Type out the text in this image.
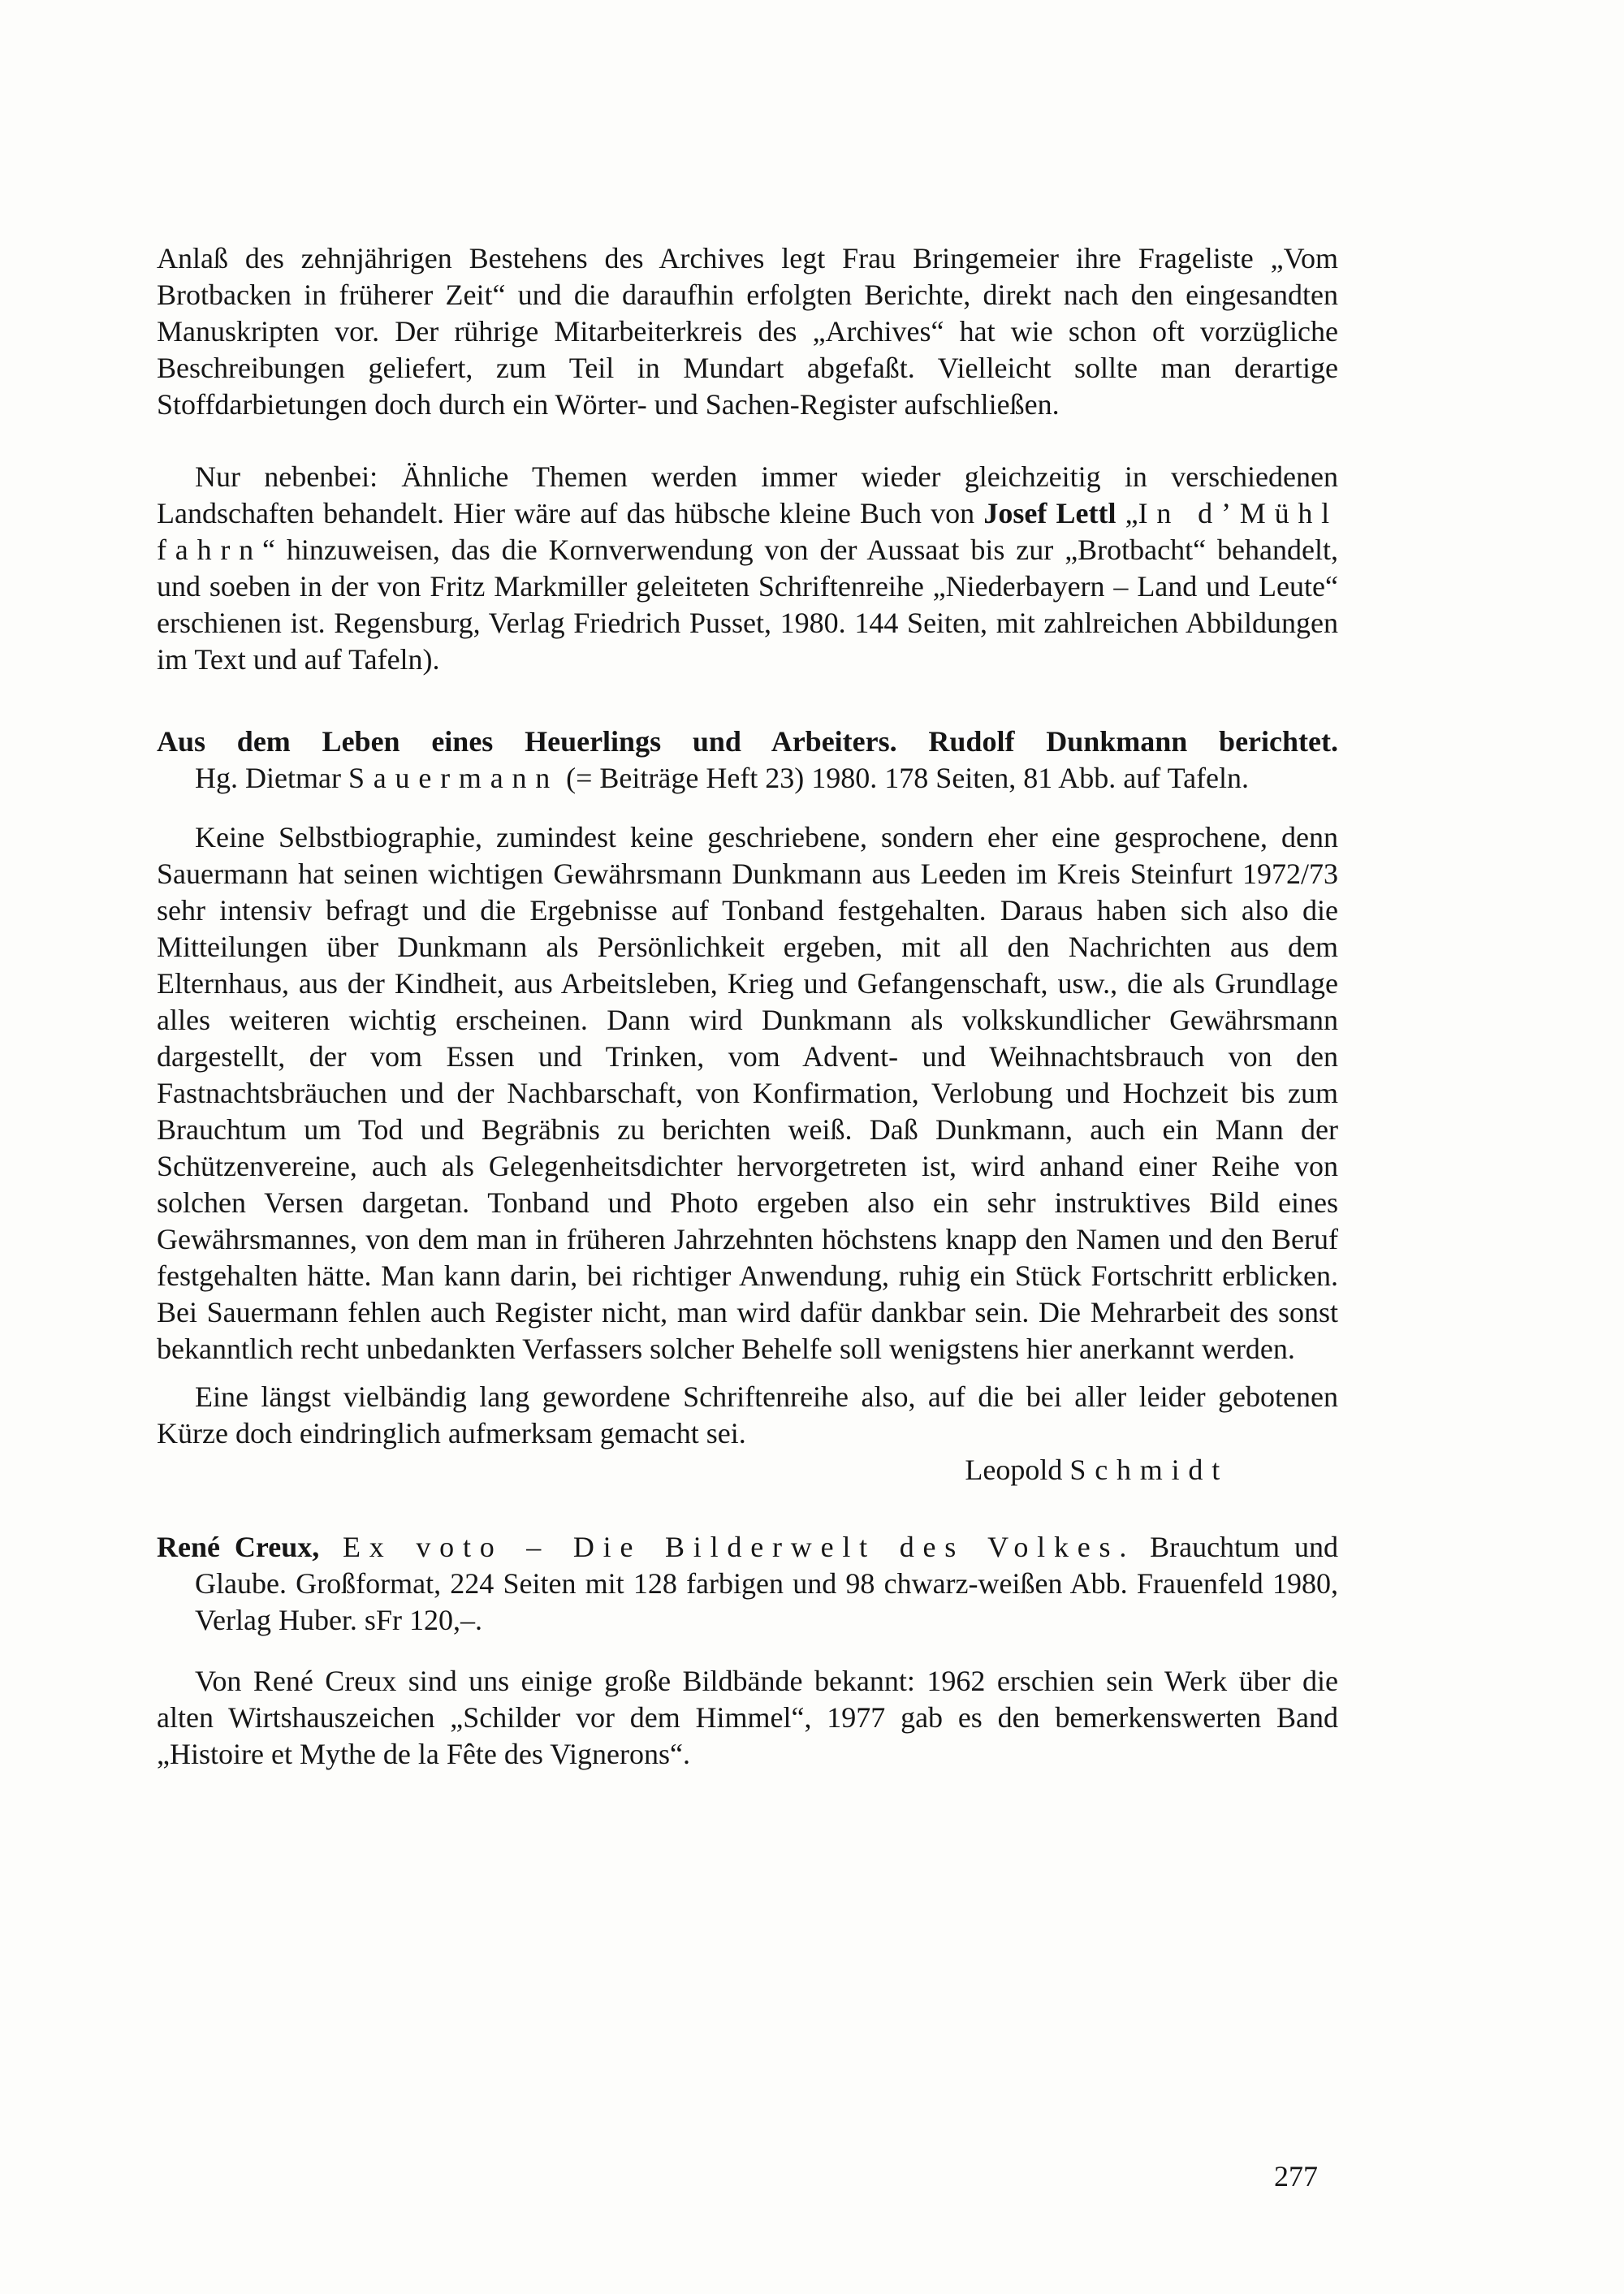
Anlaß des zehnjährigen Bestehens des Archives legt Frau Bringemeier ihre Frageliste „Vom Brotbacken in früherer Zeit“ und die daraufhin erfolgten Berichte, direkt nach den eingesandten Manuskripten vor. Der rührige Mitarbeiterkreis des „Archives“ hat wie schon oft vorzügliche Beschreibungen geliefert, zum Teil in Mundart abgefaßt. Vielleicht sollte man derartige Stoffdarbietungen doch durch ein Wörter- und Sachen-Register aufschließen.

Nur nebenbei: Ähnliche Themen werden immer wieder gleichzeitig in verschiedenen Landschaften behandelt. Hier wäre auf das hübsche kleine Buch von Josef Lettl „In d’Mühl fahrn“ hinzuweisen, das die Kornverwendung von der Aussaat bis zur „Brotbacht“ behandelt, und soeben in der von Fritz Markmiller geleiteten Schriftenreihe „Niederbayern – Land und Leute“ erschienen ist. Regensburg, Verlag Friedrich Pusset, 1980. 144 Seiten, mit zahlreichen Abbildungen im Text und auf Tafeln).

Aus dem Leben eines Heuerlings und Arbeiters. Rudolf Dunkmann berichtet.

Hg. Dietmar Sauermann (= Beiträge Heft 23) 1980. 178 Seiten, 81 Abb. auf Tafeln.

Keine Selbstbiographie, zumindest keine geschriebene, sondern eher eine gesprochene, denn Sauermann hat seinen wichtigen Gewährsmann Dunkmann aus Leeden im Kreis Steinfurt 1972/73 sehr intensiv befragt und die Ergebnisse auf Tonband festgehalten. Daraus haben sich also die Mitteilungen über Dunkmann als Persönlichkeit ergeben, mit all den Nachrichten aus dem Elternhaus, aus der Kindheit, aus Arbeitsleben, Krieg und Gefangenschaft, usw., die als Grundlage alles weiteren wichtig erscheinen. Dann wird Dunkmann als volkskundlicher Gewährsmann dargestellt, der vom Essen und Trinken, vom Advent- und Weihnachtsbrauch von den Fastnachtsbräuchen und der Nachbarschaft, von Konfirmation, Verlobung und Hochzeit bis zum Brauchtum um Tod und Begräbnis zu berichten weiß. Daß Dunkmann, auch ein Mann der Schützenvereine, auch als Gelegenheitsdichter hervorgetreten ist, wird anhand einer Reihe von solchen Versen dargetan. Tonband und Photo ergeben also ein sehr instruktives Bild eines Gewährsmannes, von dem man in früheren Jahrzehnten höchstens knapp den Namen und den Beruf festgehalten hätte. Man kann darin, bei richtiger Anwendung, ruhig ein Stück Fortschritt erblicken. Bei Sauermann fehlen auch Register nicht, man wird dafür dankbar sein. Die Mehrarbeit des sonst bekanntlich recht unbedankten Verfassers solcher Behelfe soll wenigstens hier anerkannt werden.

Eine längst vielbändig lang gewordene Schriftenreihe also, auf die bei aller leider gebotenen Kürze doch eindringlich aufmerksam gemacht sei.

Leopold Schmidt

René Creux, Ex voto – Die Bilderwelt des Volkes. Brauchtum und Glaube. Großformat, 224 Seiten mit 128 farbigen und 98 chwarz-weißen Abb. Frauenfeld 1980, Verlag Huber. sFr 120,–.

Von René Creux sind uns einige große Bildbände bekannt: 1962 erschien sein Werk über die alten Wirtshauszeichen „Schilder vor dem Himmel“, 1977 gab es den bemerkenswerten Band „Histoire et Mythe de la Fête des Vignerons“.

277
